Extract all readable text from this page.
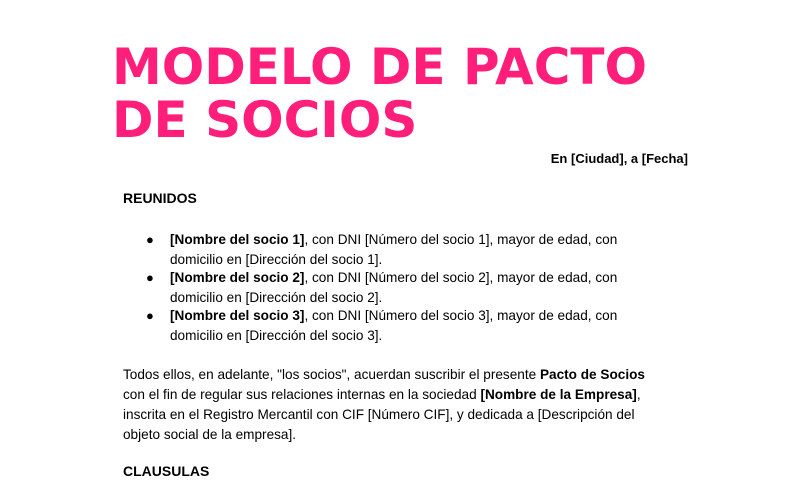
MODELO DE PACTO
DE SOCIOS
En [Ciudad], a [Fecha]
REUNIDOS
● [Nombre del socio 1], con DNI [Número del socio 1], mayor de edad, con
domicilio en [Dirección del socio 1].
● [Nombre del socio 2], con DNI [Número del socio 2], mayor de edad, con
domicilio en [Dirección del socio 2].
● [Nombre del socio 3], con DNI [Número del socio 3], mayor de edad, con
domicilio en [Dirección del socio 3].
Todos ellos, en adelante, "los socios", acuerdan suscribir el presente Pacto de Socios
con el fin de regular sus relaciones internas en la sociedad [Nombre de la Empresa],
inscrita en el Registro Mercantil con CIF [Número CIF], y dedicada a [Descripción del
objeto social de la empresa].
CLAUSULAS
